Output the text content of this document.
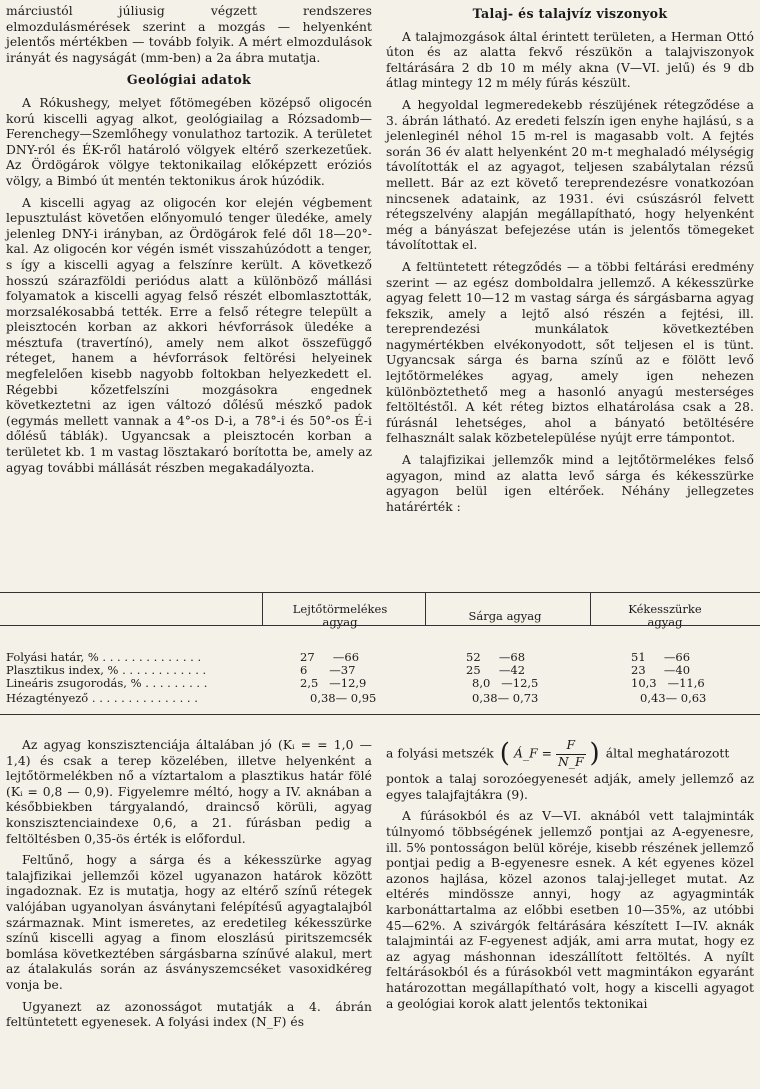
márciustól júliusig végzett rendszeres elmozdulásmérések szerint a mozgás — helyenként jelentős mértékben — tovább folyik. A mért elmozdulások irányát és nagyságát (mm-ben) a 2a ábra mutatja.

Geológiai adatok

A Rókushegy, melyet főtömegében középső oligocén korú kiscelli agyag alkot, geológiailag a Rózsadomb—Ferenchegy—Szemlőhegy vonulathoz tartozik. A területet DNY-ról és ÉK-ről határoló völgyek eltérő szerkezetűek. Az Ördögárok völgye tektonikailag előképzett eróziós völgy, a Bimbó út mentén tektonikus árok húzódik.

A kiscelli agyag az oligocén kor elején végbement lepusztulást követően előnyomuló tenger üledéke, amely jelenleg DNY-i irányban, az Ördögárok felé dől 18—20°-kal. Az oligocén kor végén ismét visszahúzódott a tenger, s így a kiscelli agyag a felszínre került. A következő hosszú szárazföldi periódus alatt a különböző mállási folyamatok a kiscelli agyag felső részét elbomlasztották, morzsalékosabbá tették. Erre a felső rétegre települt a pleisztocén korban az akkori hévforrások üledéke a mésztufa (travertínó), amely nem alkot összefüggő réteget, hanem a hévforrások feltörési helyeinek megfelelően kisebb nagyobb foltokban helyezkedett el. Régebbi kőzetfelszíni mozgásokra engednek következtetni az igen változó dőlésű mészkő padok (egymás mellett vannak a 4°-os D-i, a 78°-i és 50°-os É-i dőlésű táblák). Ugyancsak a pleisztocén korban a területet kb. 1 m vastag lösztakaró borította be, amely az agyag további mállását részben megakadályozta.

Talaj- és talajvíz viszonyok

A talajmozgások által érintett területen, a Herman Ottó úton és az alatta fekvő részükön a talajviszonyok feltárására 2 db 10 m mély akna (V—VI. jelű) és 9 db átlag mintegy 12 m mély fúrás készült.

A hegyoldal legmeredekebb részüjének rétegződése a 3. ábrán látható. Az eredeti felszín igen enyhe hajlású, s a jelenleginél néhol 15 m-rel is magasabb volt. A fejtés során 36 év alatt helyenként 20 m-t meghaladó mélységig távolították el az agyagot, teljesen szabálytalan rézsű mellett. Bár az ezt követő tereprendezésre vonatkozóan nincsenek adataink, az 1931. évi csúszásról felvett rétegszelvény alapján megállapítható, hogy helyenként még a bányászat befejezése után is jelentős tömegeket távolítottak el.

A feltüntetett rétegződés — a többi feltárási eredmény szerint — az egész domboldalra jellemző. A kékesszürke agyag felett 10—12 m vastag sárga és sárgásbarna agyag fekszik, amely a lejtő alsó részén a fejtési, ill. tereprendezési munkálatok következtében nagymértékben elvékonyodott, sőt teljesen el is tünt. Ugyancsak sárga és barna színű az e fölött levő lejtőtörmelékes agyag, amely igen nehezen különböztethető meg a hasonló anyagú mesterséges feltöltéstől. A két réteg biztos elhatárolása csak a 28. fúrásnál lehetséges, ahol a bányató betöltésére felhasznált salak közbetelepülése nyújt erre támpontot.

A talajfizikai jellemzők mind a lejtőtörmelékes felső agyagon, mind az alatta levő sárga és kékesszürke agyagon belül igen eltérőek. Néhány jellegzetes határérték :

Lejtőtörmelékes agyag	Sárga agyag	Kékesszürke agyag
Folyási határ, % . . . . . . . . . . . . . .	27     —66	52     —68	51     —66
Plasztikus index, % . . . . . . . . . . . .	6      —37	25     —42	23     —40
Lineáris zsugorodás, % . . . . . . . . .	2,5   —12,9	8,0   —12,5	10,3   —11,6
Hézagtényező . . . . . . . . . . . . . . .	0,38— 0,95	0,38— 0,73	0,43— 0,63

Az agyag konszisztenciája általában jó (Kᵢ = = 1,0 — 1,4) és csak a terep közelében, illetve helyenként a lejtőtörmelékben nő a víztartalom a plasztikus határ fölé (Kᵢ = 0,8 — 0,9). Figyelemre méltó, hogy a IV. aknában a későbbiekben tárgyalandó, draincső körüli, agyag konszisztenciaindexe 0,6, a 21. fúrásban pedig a feltöltésben 0,35-ös érték is előfordul.

Feltűnő, hogy a sárga és a kékesszürke agyag talajfizikai jellemzői közel ugyanazon határok között ingadoznak. Ez is mutatja, hogy az eltérő színű rétegek valójában ugyanolyan ásványtani felépítésű agyagtalajból származnak. Mint ismeretes, az eredetileg kékesszürke színű kiscelli agyag a finom eloszlású piritszemcsék bomlása következtében sárgásbarna színűvé alakul, mert az átalakulás során az ásványszemcséket vasoxidkéreg vonja be.

Ugyanezt az azonosságot mutatják a 4. ábrán feltüntetett egyenesek. A folyási index (N_F) és

a folyási metszék ( Á_F = $\frac{F}{N\_F}$ ) által meghatározott

pontok a talaj sorozóegyenesét adják, amely jellemző az egyes talajfajtákra (9).

A fúrásokból és az V—VI. aknából vett talajminták túlnyomó többségének jellemző pontjai az A-egyenesre, ill. 5% pontosságon belül köréje, kisebb részének jellemző pontjai pedig a B-egyenesre esnek. A két egyenes közel azonos hajlása, közel azonos talaj-jelleget mutat. Az eltérés mindössze annyi, hogy az agyagminták karbonáttartalma az előbbi esetben 10—35%, az utóbbi 45—62%. A szivárgók feltárására készített I—IV. aknák talajmintái az F-egyenest adják, ami arra mutat, hogy ez az agyag máshonnan ideszállított feltöltés. A nyílt feltárásokból és a fúrásokból vett magmintákon egyaránt határozottan megállapítható volt, hogy a kiscelli agyagot a geológiai korok alatt jelentős tektonikai
